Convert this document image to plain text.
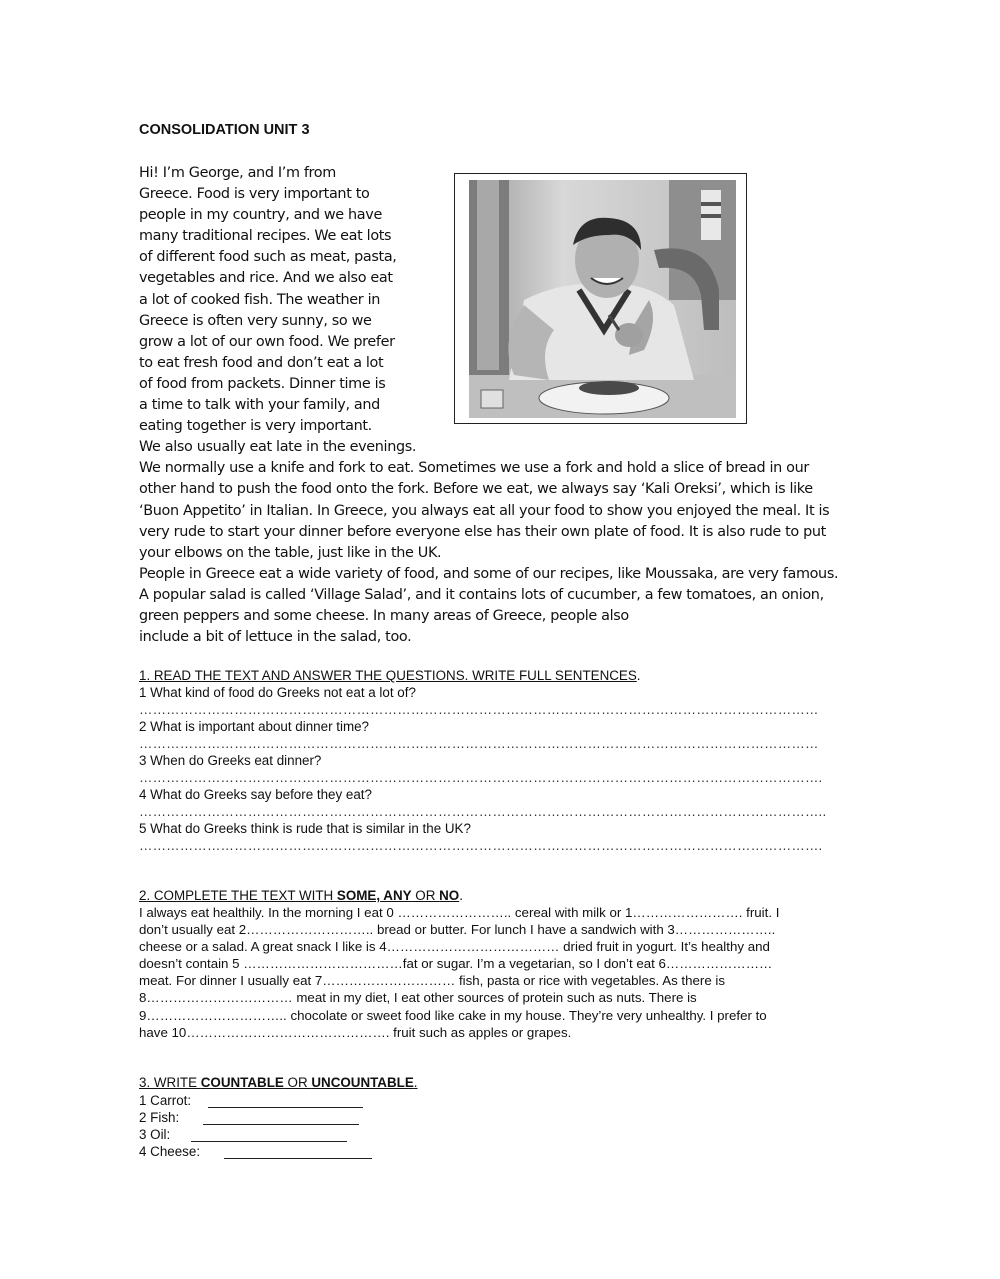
CONSOLIDATION UNIT 3
Hi! I’m George, and I’m from
Greece. Food is very important to
people in my country, and we have
many traditional recipes. We eat lots
of different food such as meat, pasta,
vegetables and rice. And we also eat
a lot of cooked fish. The weather in
Greece is often very sunny, so we
grow a lot of our own food. We prefer
to eat fresh food and don’t eat a lot
of food from packets. Dinner time is
a time to talk with your family, and
eating together is very important.
We also usually eat late in the evenings.
We normally use a knife and fork to eat. Sometimes we use a fork and hold a slice of bread in our
other hand to push the food onto the fork. Before we eat, we always say ‘Kali Oreksi’, which is like
‘Buon Appetito’ in Italian. In Greece, you always eat all your food to show you enjoyed the meal. It is
very rude to start your dinner before everyone else has their own plate of food. It is also rude to put
your elbows on the table, just like in the UK.
People in Greece eat a wide variety of food, and some of our recipes, like Moussaka, are very famous.
A popular salad is called ‘Village Salad’, and it contains lots of cucumber, a few tomatoes, an onion,
green peppers and some cheese. In many areas of Greece, people also
include a bit of lettuce in the salad, too.
1. READ THE TEXT AND ANSWER THE QUESTIONS. WRITE FULL SENTENCES.
1 What kind of food do Greeks not eat a lot of?
……………………………………………………………………………………………………………………………………
2 What is important about dinner time?
……………………………………………………………………………………………………………………………………
3 When do Greeks eat dinner?
…………………………………………………………………………………………………………………………………….
4 What do Greeks say before they eat?
……………………………………………………………………………………………………………………………………..
5 What do Greeks think is rude that is similar in the UK?
…………………………………………………………………………………………………………………………………….
2. COMPLETE THE TEXT WITH SOME, ANY OR NO.
I always eat healthily. In the morning I eat 0 …………………….. cereal with milk or 1……………………. fruit. I
don’t usually eat 2……………………….. bread or butter. For lunch I have a sandwich with 3…………………..
cheese or a salad. A great snack I like is 4………………………………… dried fruit in yogurt. It’s healthy and
doesn’t contain 5 ………………………………fat or sugar. I’m a vegetarian, so I don’t eat 6……………………
meat. For dinner I usually eat 7………………………… fish, pasta or rice with vegetables. As there is
8…………………………… meat in my diet, I eat other sources of protein such as nuts. There is
9………………………….. chocolate or sweet food like cake in my house. They’re very unhealthy. I prefer to
have 10………………………………………. fruit such as apples or grapes.
3. WRITE COUNTABLE OR UNCOUNTABLE.
1 Carrot:
2 Fish:
3 Oil:
4 Cheese:
